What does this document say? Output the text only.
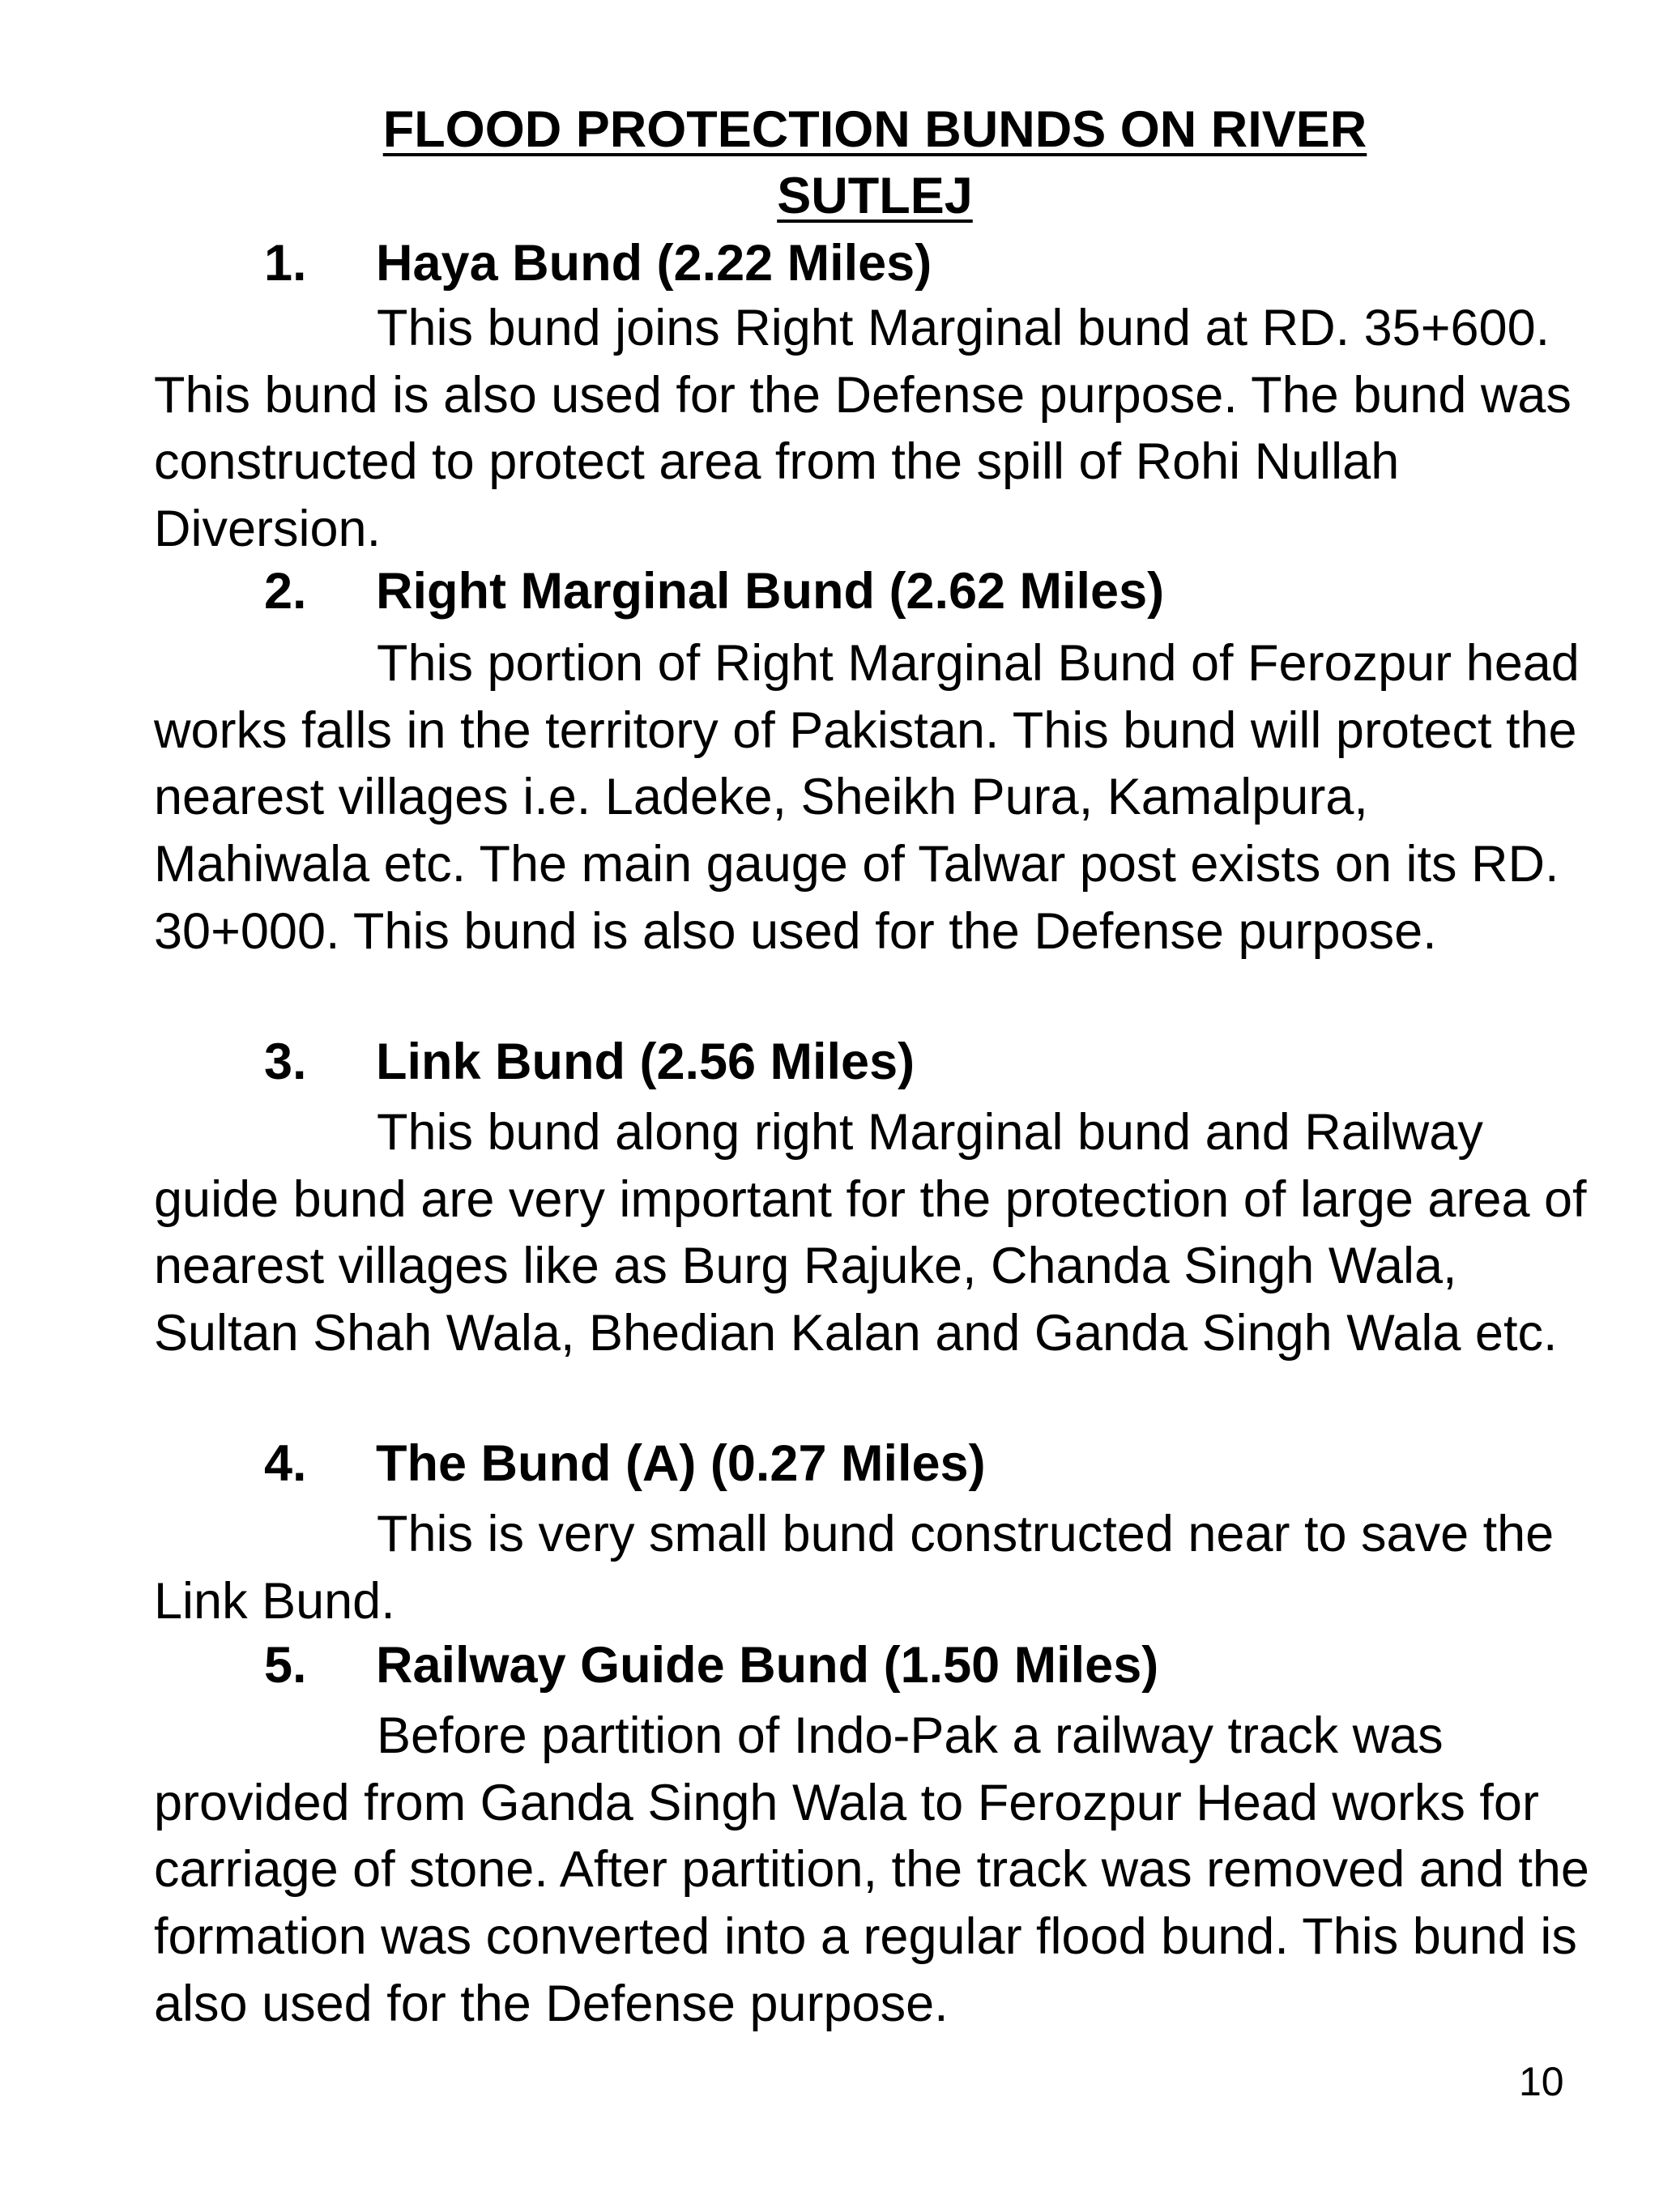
FLOOD PROTECTION BUNDS ON RIVER
SUTLEJ
1. Haya Bund (2.22 Miles)

This bund joins Right Marginal bund at RD. 35+600. This bund is also used for the Defense purpose. The bund was constructed to protect area from the spill of Rohi Nullah Diversion.

2. Right Marginal Bund (2.62 Miles)

This portion of Right Marginal Bund of Ferozpur head works falls in the territory of Pakistan. This bund will protect the nearest villages i.e. Ladeke, Sheikh Pura, Kamalpura, Mahiwala etc. The main gauge of Talwar post exists on its RD. 30+000. This bund is also used for the Defense purpose.

3. Link Bund (2.56 Miles)

This bund along right Marginal bund and Railway guide bund are very important for the protection of large area of nearest villages like as Burg Rajuke, Chanda Singh Wala, Sultan Shah Wala, Bhedian Kalan and Ganda Singh Wala etc.

4. The Bund (A) (0.27 Miles)

This is very small bund constructed near to save the Link Bund.

5. Railway Guide Bund (1.50 Miles)

Before partition of Indo-Pak a railway track was provided from Ganda Singh Wala to Ferozpur Head works for carriage of stone. After partition, the track was removed and the formation was converted into a regular flood bund. This bund is also used for the Defense purpose.

10
